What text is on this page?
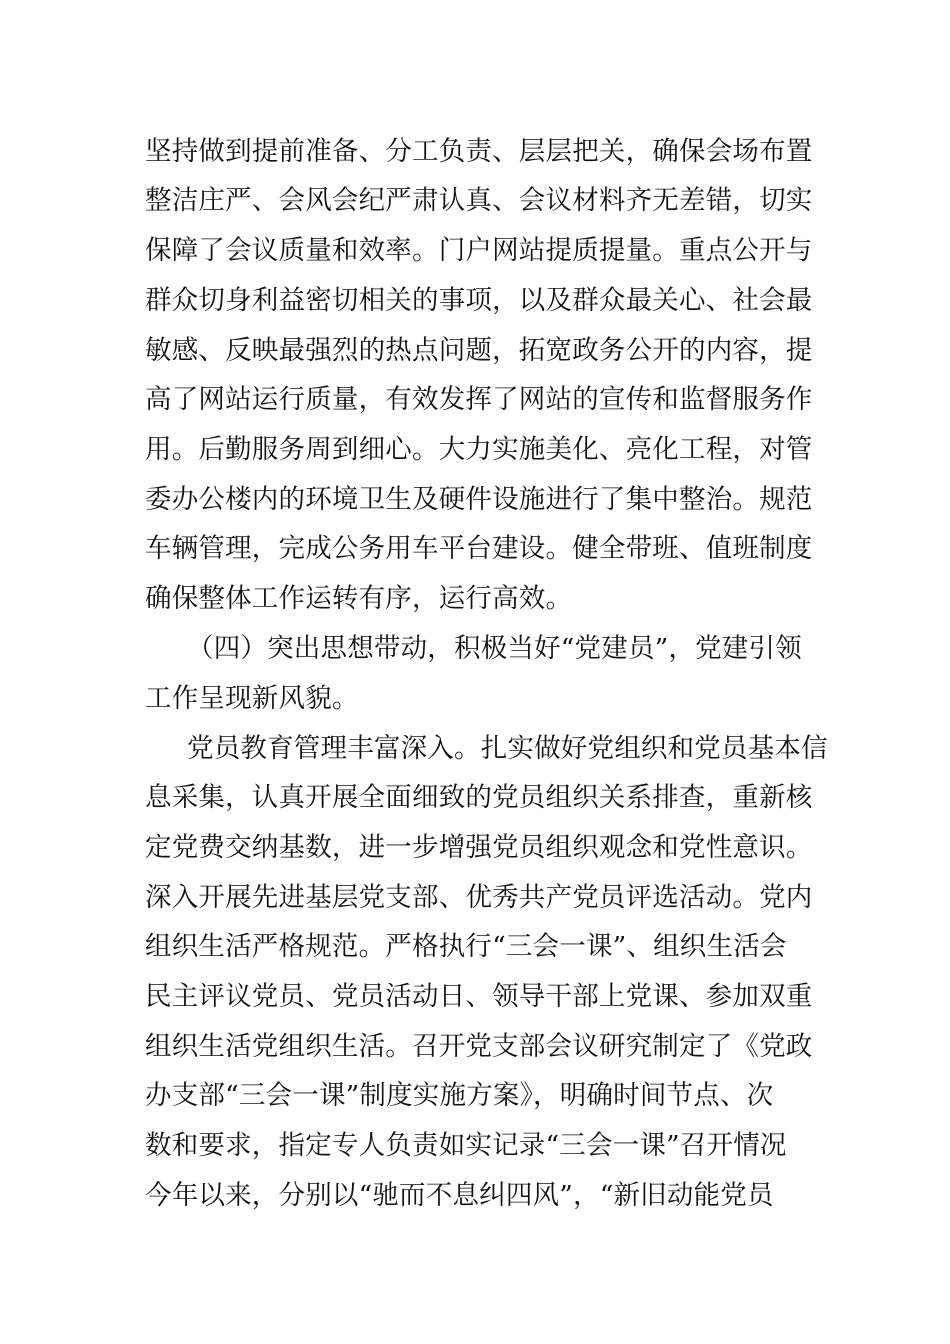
坚持做到提前准备、分工负责、层层把关，确保会场布置
整洁庄严、会风会纪严肃认真、会议材料齐无差错，切实
保障了会议质量和效率。门户网站提质提量。重点公开与
群众切身利益密切相关的事项，以及群众最关心、社会最
敏感、反映最强烈的热点问题，拓宽政务公开的内容，提
高了网站运行质量，有效发挥了网站的宣传和监督服务作
用。后勤服务周到细心。大力实施美化、亮化工程，对管
委办公楼内的环境卫生及硬件设施进行了集中整治。规范
车辆管理，完成公务用车平台建设。健全带班、值班制度
确保整体工作运转有序，运行高效。
（四）突出思想带动，积极当好“党建员”，党建引领
工作呈现新风貌。
党员教育管理丰富深入。扎实做好党组织和党员基本信
息采集，认真开展全面细致的党员组织关系排查，重新核
定党费交纳基数，进一步增强党员组织观念和党性意识。
深入开展先进基层党支部、优秀共产党员评选活动。党内
组织生活严格规范。严格执行“三会一课”、组织生活会
民主评议党员、党员活动日、领导干部上党课、参加双重
组织生活党组织生活。召开党支部会议研究制定了《党政
办支部“三会一课”制度实施方案》，明确时间节点、次
数和要求，指定专人负责如实记录“三会一课”召开情况
今年以来，分别以“驰而不息纠四风”，“新旧动能党员
